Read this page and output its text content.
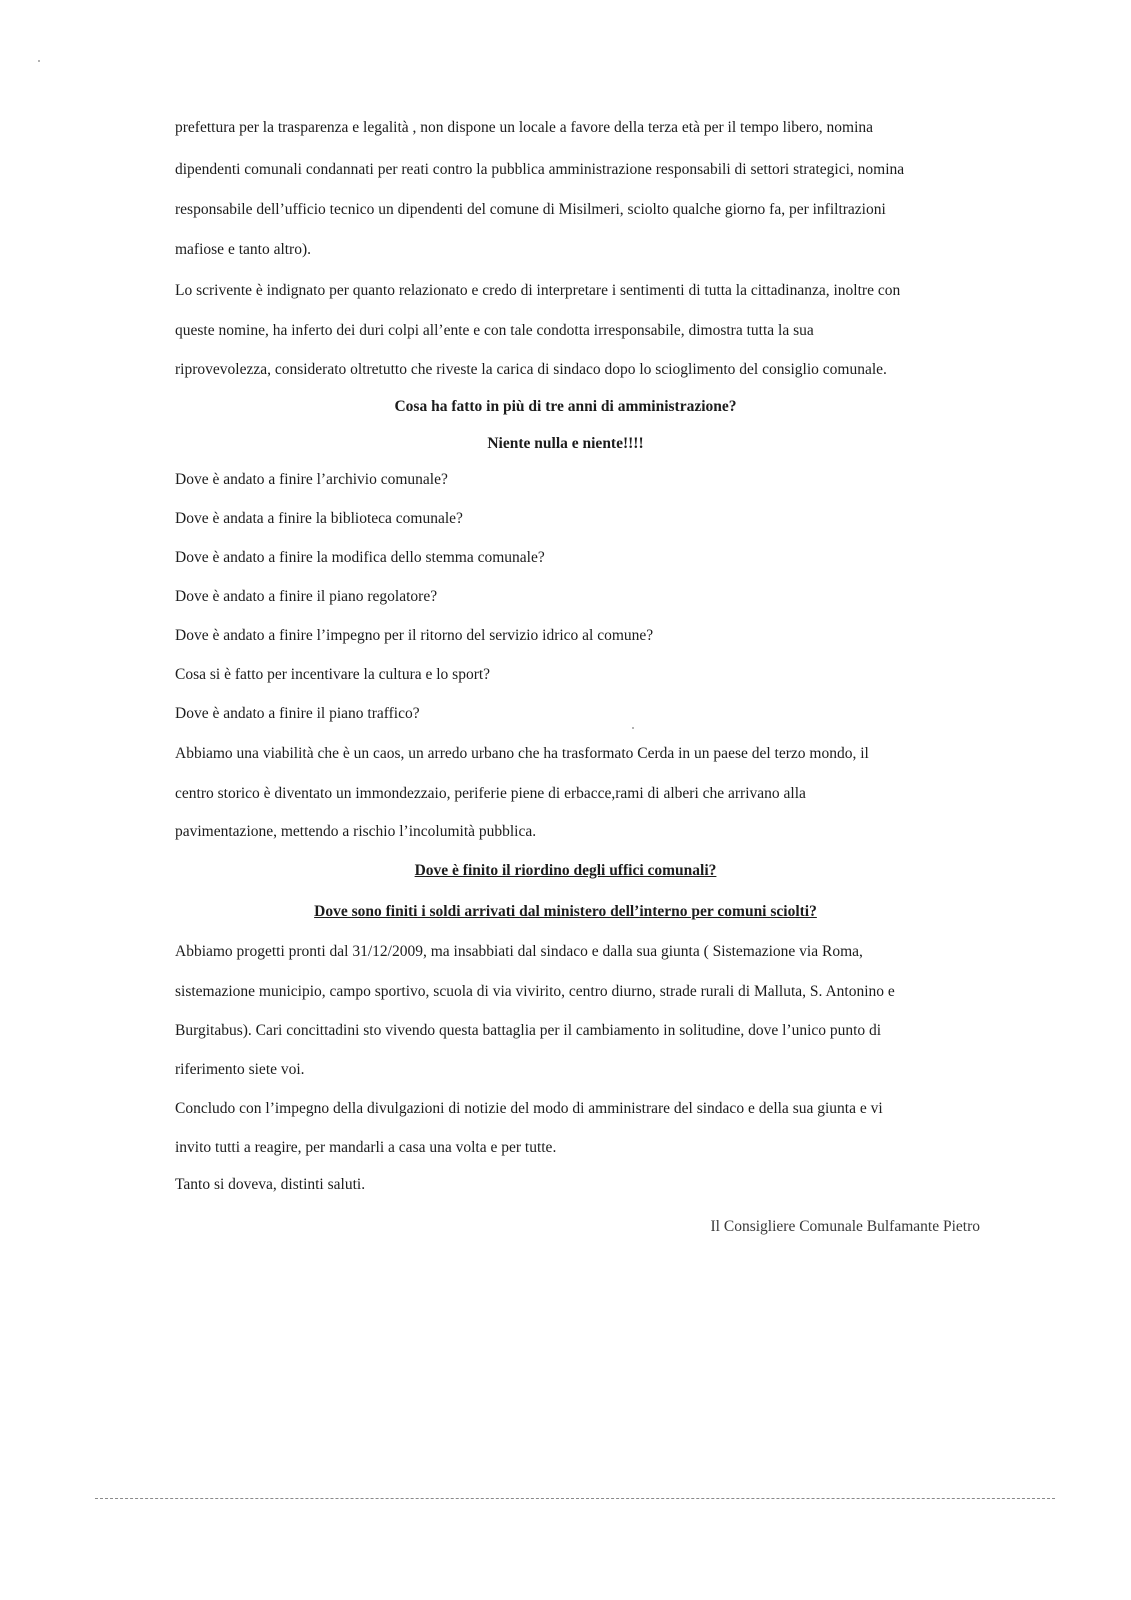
prefettura per la trasparenza e legalità , non dispone un locale a favore della terza età per il tempo libero, nomina
dipendenti comunali condannati per reati contro la pubblica amministrazione responsabili di settori strategici, nomina
responsabile dell’ufficio tecnico un dipendenti del comune di Misilmeri, sciolto qualche giorno fa, per infiltrazioni
mafiose e tanto altro).
Lo scrivente è indignato per quanto relazionato e credo di interpretare i sentimenti di tutta la cittadinanza, inoltre con
queste nomine, ha inferto dei duri colpi all’ente e con tale condotta irresponsabile, dimostra tutta la sua
riprovevolezza, considerato oltretutto che riveste la carica di sindaco dopo lo scioglimento del consiglio comunale.
Cosa ha fatto in più di tre anni di amministrazione?
Niente nulla e niente!!!!
Dove è andato a finire l’archivio comunale?
Dove è andata a finire la biblioteca comunale?
Dove è andato a finire la modifica dello stemma comunale?
Dove è andato a finire il piano regolatore?
Dove è andato a finire l’impegno per il ritorno del servizio idrico al comune?
Cosa si è fatto per incentivare la cultura e lo sport?
Dove è andato a finire il piano traffico?
Abbiamo una viabilità che è un caos, un arredo urbano che ha trasformato Cerda in un paese del terzo mondo, il
centro storico è diventato un immondezzaio, periferie piene di erbacce,rami di alberi che arrivano alla
pavimentazione, mettendo a rischio l’incolumità pubblica.
Dove è finito il riordino degli uffici comunali?
Dove sono finiti i soldi arrivati dal ministero dell’interno per comuni sciolti?
Abbiamo progetti pronti dal 31/12/2009, ma insabbiati dal sindaco e dalla sua giunta ( Sistemazione via Roma,
sistemazione municipio, campo sportivo, scuola di via vivirito, centro diurno, strade rurali di Malluta, S. Antonino e
Burgitabus). Cari concittadini sto vivendo questa battaglia per il cambiamento in solitudine, dove l’unico punto di
riferimento siete voi.
Concludo con l’impegno della divulgazioni di notizie del modo di amministrare del sindaco e della sua giunta e vi
invito tutti a reagire, per mandarli a casa una volta e per tutte.
Tanto si doveva, distinti saluti.
Il Consigliere Comunale Bulfamante Pietro
